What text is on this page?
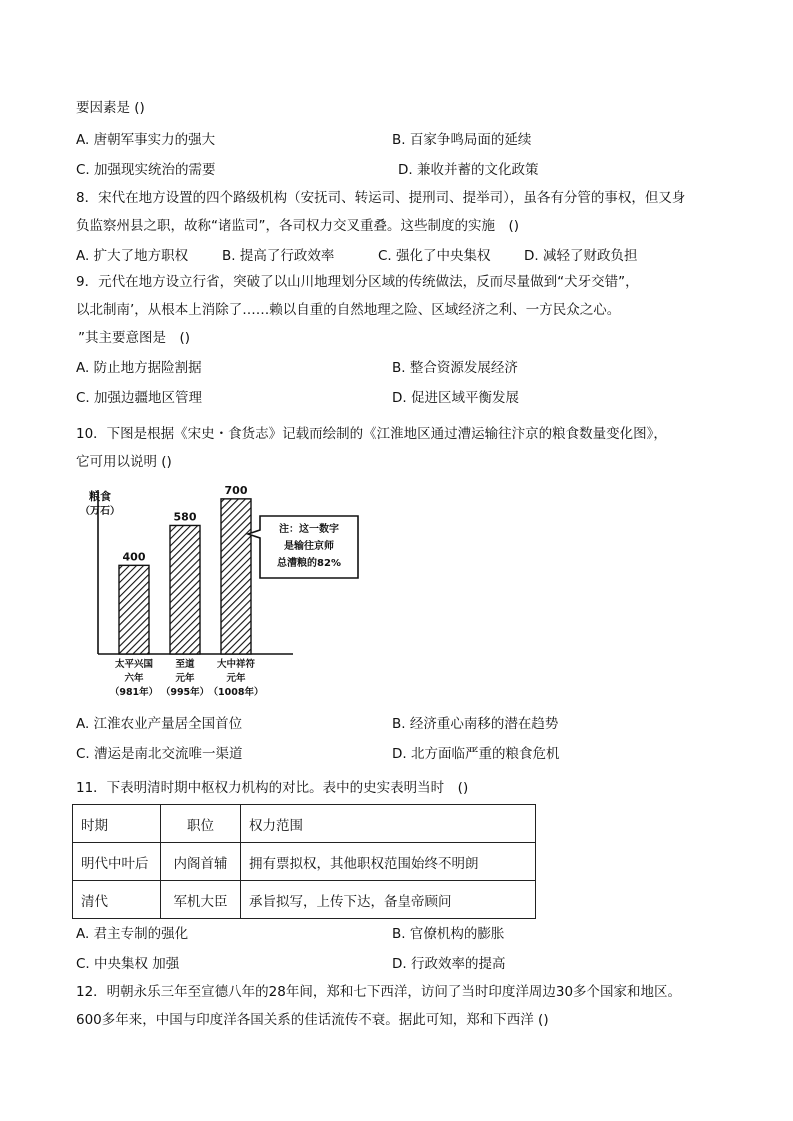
要因素是 ()
A. 唐朝军事实力的强大	B. 百家争鸣局面的延续
C. 加强现实统治的需要	D. 兼收并蓄的文化政策
8．宋代在地方设置的四个路级机构（安抚司、转运司、提刑司、提举司），虽各有分管的事权，但又身
负监察州县之职，故称“诸监司”，各司权力交叉重叠。这些制度的实施　()
A. 扩大了地方职权	B. 提高了行政效率	C. 强化了中央集权 D. 减轻了财政负担
9．元代在地方设立行省，突破了以山川地理划分区域的传统做法，反而尽量做到“犬牙交错”，
以北制南’，从根本上消除了……赖以自重的自然地理之险、区域经济之利、一方民众之心。
”其主要意图是　()
A. 防止地方据险割据	B. 整合资源发展经济
C. 加强边疆地区管理	D. 促进区域平衡发展
10．下图是根据《宋史・食货志》记载而绘制的《江淮地区通过漕运输往汴京的粮食数量变化图》，
它可用以说明 ()
粮食
（万石）
400
580
700
注：这一数字
是输往京师
总漕粮的82%
太平兴国
六年
（981年）
至道
元年
（995年）
大中祥符
元年
（1008年）
A. 江淮农业产量居全国首位	B. 经济重心南移的潜在趋势
C. 漕运是南北交流唯一渠道	D. 北方面临严重的粮食危机
11．下表明清时期中枢权力机构的对比。表中的史实表明当时　()
时期	职位	权力范围
明代中叶后	内阁首辅	拥有票拟权，其他职权范围始终不明朗
清代	军机大臣	承旨拟写，上传下达，备皇帝顾问
A. 君主专制的强化	B. 官僚机构的膨胀
C. 中央集权 加强	D. 行政效率的提高
12．明朝永乐三年至宣德八年的28年间，郑和七下西洋，访问了当时印度洋周边30多个国家和地区。
600多年来，中国与印度洋各国关系的佳话流传不衰。据此可知，郑和下西洋 ()
